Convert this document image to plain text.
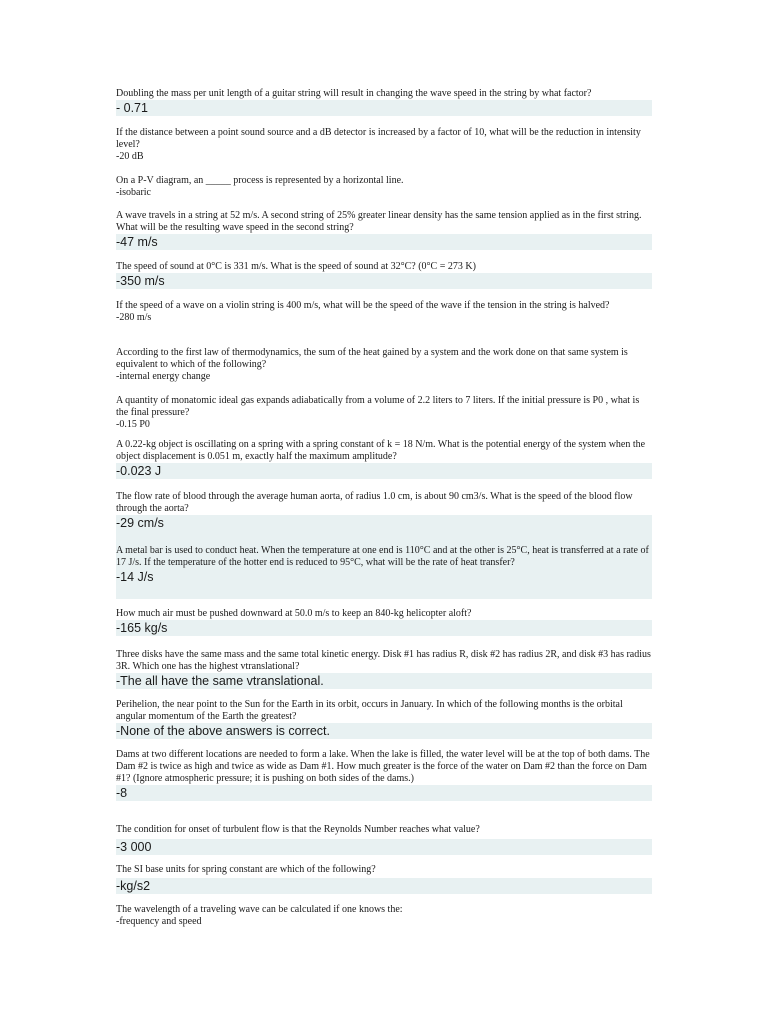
Doubling the mass per unit length of a guitar string will result in changing the wave speed in the string by what factor?

- 0.71

If the distance between a point sound source and a dB detector is increased by a factor of 10, what will be the reduction in intensity level?

-20 dB

On a P-V diagram, an _____ process is represented by a horizontal line.

-isobaric

A wave travels in a string at 52 m/s. A second string of 25% greater linear density has the same tension applied as in the first string. What will be the resulting wave speed in the second string?

-47 m/s

The speed of sound at 0°C is 331 m/s. What is the speed of sound at 32°C? (0°C = 273 K)

-350 m/s

If the speed of a wave on a violin string is 400 m/s, what will be the speed of the wave if the tension in the string is halved?

-280 m/s

According to the first law of thermodynamics, the sum of the heat gained by a system and the work done on that same system is equivalent to which of the following?

-internal energy change

A quantity of monatomic ideal gas expands adiabatically from a volume of 2.2 liters to 7 liters. If the initial pressure is P0 , what is the final pressure?

-0.15 P0

A 0.22-kg object is oscillating on a spring with a spring constant of k = 18 N/m. What is the potential energy of the system when the object displacement is 0.051 m, exactly half the maximum amplitude?

-0.023 J

The flow rate of blood through the average human aorta, of radius 1.0 cm, is about 90 cm3/s. What is the speed of the blood flow through the aorta?

-29 cm/s

A metal bar is used to conduct heat. When the temperature at one end is 110°C and at the other is 25°C, heat is transferred at a rate of 17 J/s. If the temperature of the hotter end is reduced to 95°C, what will be the rate of heat transfer?

-14 J/s

How much air must be pushed downward at 50.0 m/s to keep an 840-kg helicopter aloft?

-165 kg/s

Three disks have the same mass and the same total kinetic energy. Disk #1 has radius R, disk #2 has radius 2R, and disk #3 has radius 3R. Which one has the highest vtranslational?

-The all have the same vtranslational.

Perihelion, the near point to the Sun for the Earth in its orbit, occurs in January. In which of the following months is the orbital angular momentum of the Earth the greatest?

-None of the above answers is correct.

Dams at two different locations are needed to form a lake. When the lake is filled, the water level will be at the top of both dams. The Dam #2 is twice as high and twice as wide as Dam #1. How much greater is the force of the water on Dam #2 than the force on Dam #1? (Ignore atmospheric pressure; it is pushing on both sides of the dams.)

-8

The condition for onset of turbulent flow is that the Reynolds Number reaches what value?

-3 000

The SI base units for spring constant are which of the following?

-kg/s2

The wavelength of a traveling wave can be calculated if one knows the:

-frequency and speed
